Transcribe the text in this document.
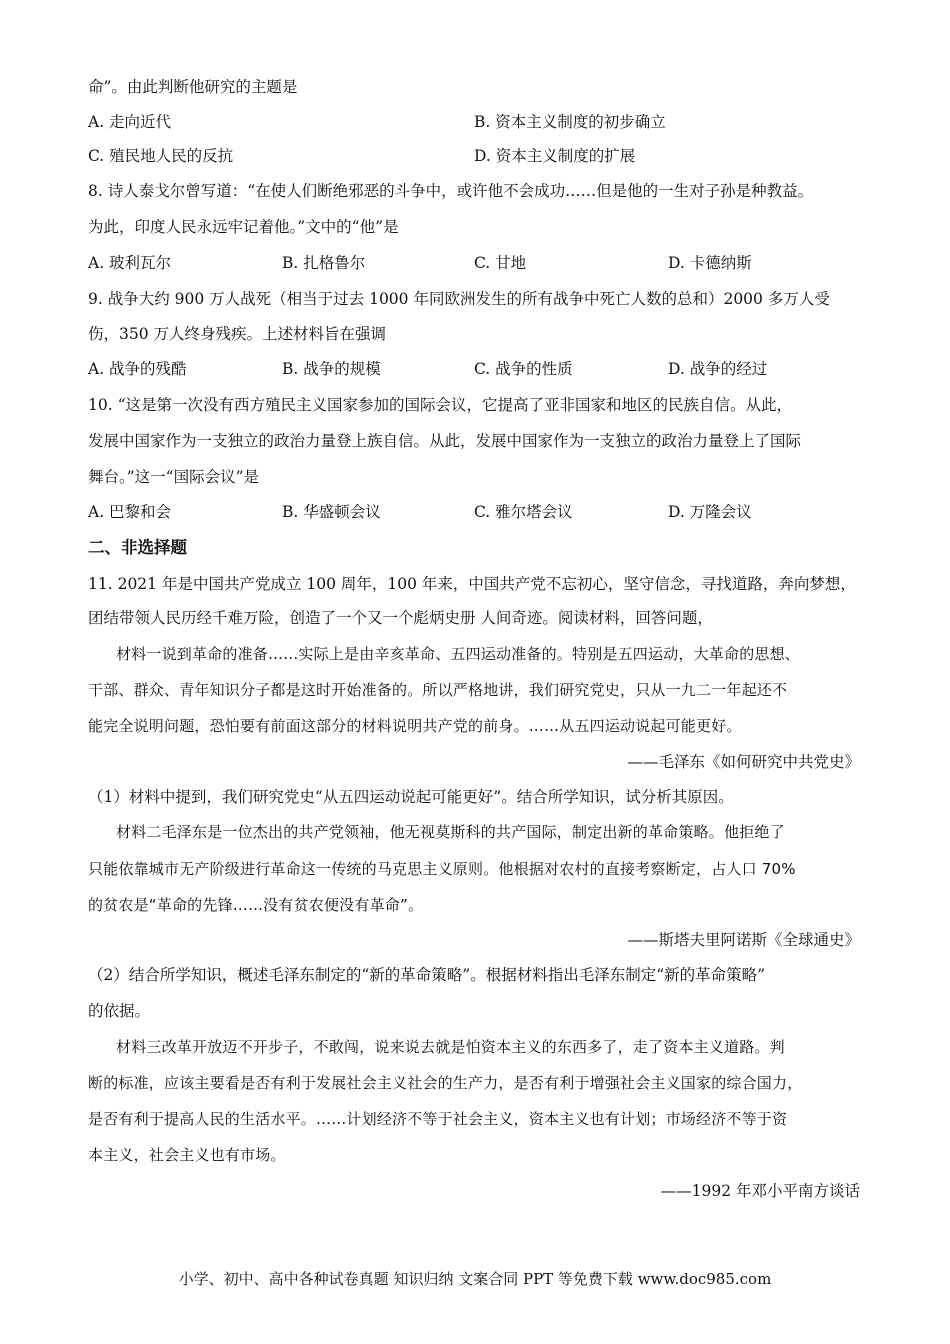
命”。由此判断他研究的主题是
A. 走向近代	B. 资本主义制度的初步确立
C. 殖民地人民的反抗	D. 资本主义制度的扩展
8. 诗人泰戈尔曾写道：“在使人们断绝邪恶的斗争中，或许他不会成功……但是他的一生对子孙是种教益。
为此，印度人民永远牢记着他。”文中的“他”是
A. 玻利瓦尔	B. 扎格鲁尔	C. 甘地	D. 卡德纳斯
9. 战争大约 900 万人战死（相当于过去 1000 年同欧洲发生的所有战争中死亡人数的总和）2000 多万人受
伤，350 万人终身残疾。上述材料旨在强调
A. 战争的残酷	B. 战争的规模	C. 战争的性质	D. 战争的经过
10. “这是第一次没有西方殖民主义国家参加的国际会议，它提高了亚非国家和地区的民族自信。从此，
发展中国家作为一支独立的政治力量登上族自信。从此，发展中国家作为一支独立的政治力量登上了国际
舞台。”这一“国际会议”是
A. 巴黎和会	B. 华盛顿会议	C. 雅尔塔会议	D. 万隆会议
二、非选择题
11. 2021 年是中国共产党成立 100 周年，100 年来，中国共产党不忘初心，坚守信念，寻找道路，奔向梦想，
团结带领人民历经千难万险，创造了一个又一个彪炳史册 人间奇迹。阅读材料，回答问题，
材料一说到革命的准备……实际上是由辛亥革命、五四运动准备的。特别是五四运动，大革命的思想、
干部、群众、青年知识分子都是这时开始准备的。所以严格地讲，我们研究党史，只从一九二一年起还不
能完全说明问题，恐怕要有前面这部分的材料说明共产党的前身。……从五四运动说起可能更好。
——毛泽东《如何研究中共党史》
（1）材料中提到，我们研究党史“从五四运动说起可能更好”。结合所学知识，试分析其原因。
材料二毛泽东是一位杰出的共产党领袖，他无视莫斯科的共产国际，制定出新的革命策略。他拒绝了
只能依靠城市无产阶级进行革命这一传统的马克思主义原则。他根据对农村的直接考察断定，占人口 70%
的贫农是“革命的先锋……没有贫农便没有革命”。
——斯塔夫里阿诺斯《全球通史》
（2）结合所学知识，概述毛泽东制定的“新的革命策略”。根据材料指出毛泽东制定“新的革命策略”
的依据。
材料三改革开放迈不开步子，不敢闯，说来说去就是怕资本主义的东西多了，走了资本主义道路。判
断的标准，应该主要看是否有利于发展社会主义社会的生产力，是否有利于增强社会主义国家的综合国力，
是否有利于提高人民的生活水平。……计划经济不等于社会主义，资本主义也有计划；市场经济不等于资
本主义，社会主义也有市场。
——1992 年邓小平南方谈话
小学、初中、高中各种试卷真题 知识归纳 文案合同 PPT 等免费下载 www.doc985.com
